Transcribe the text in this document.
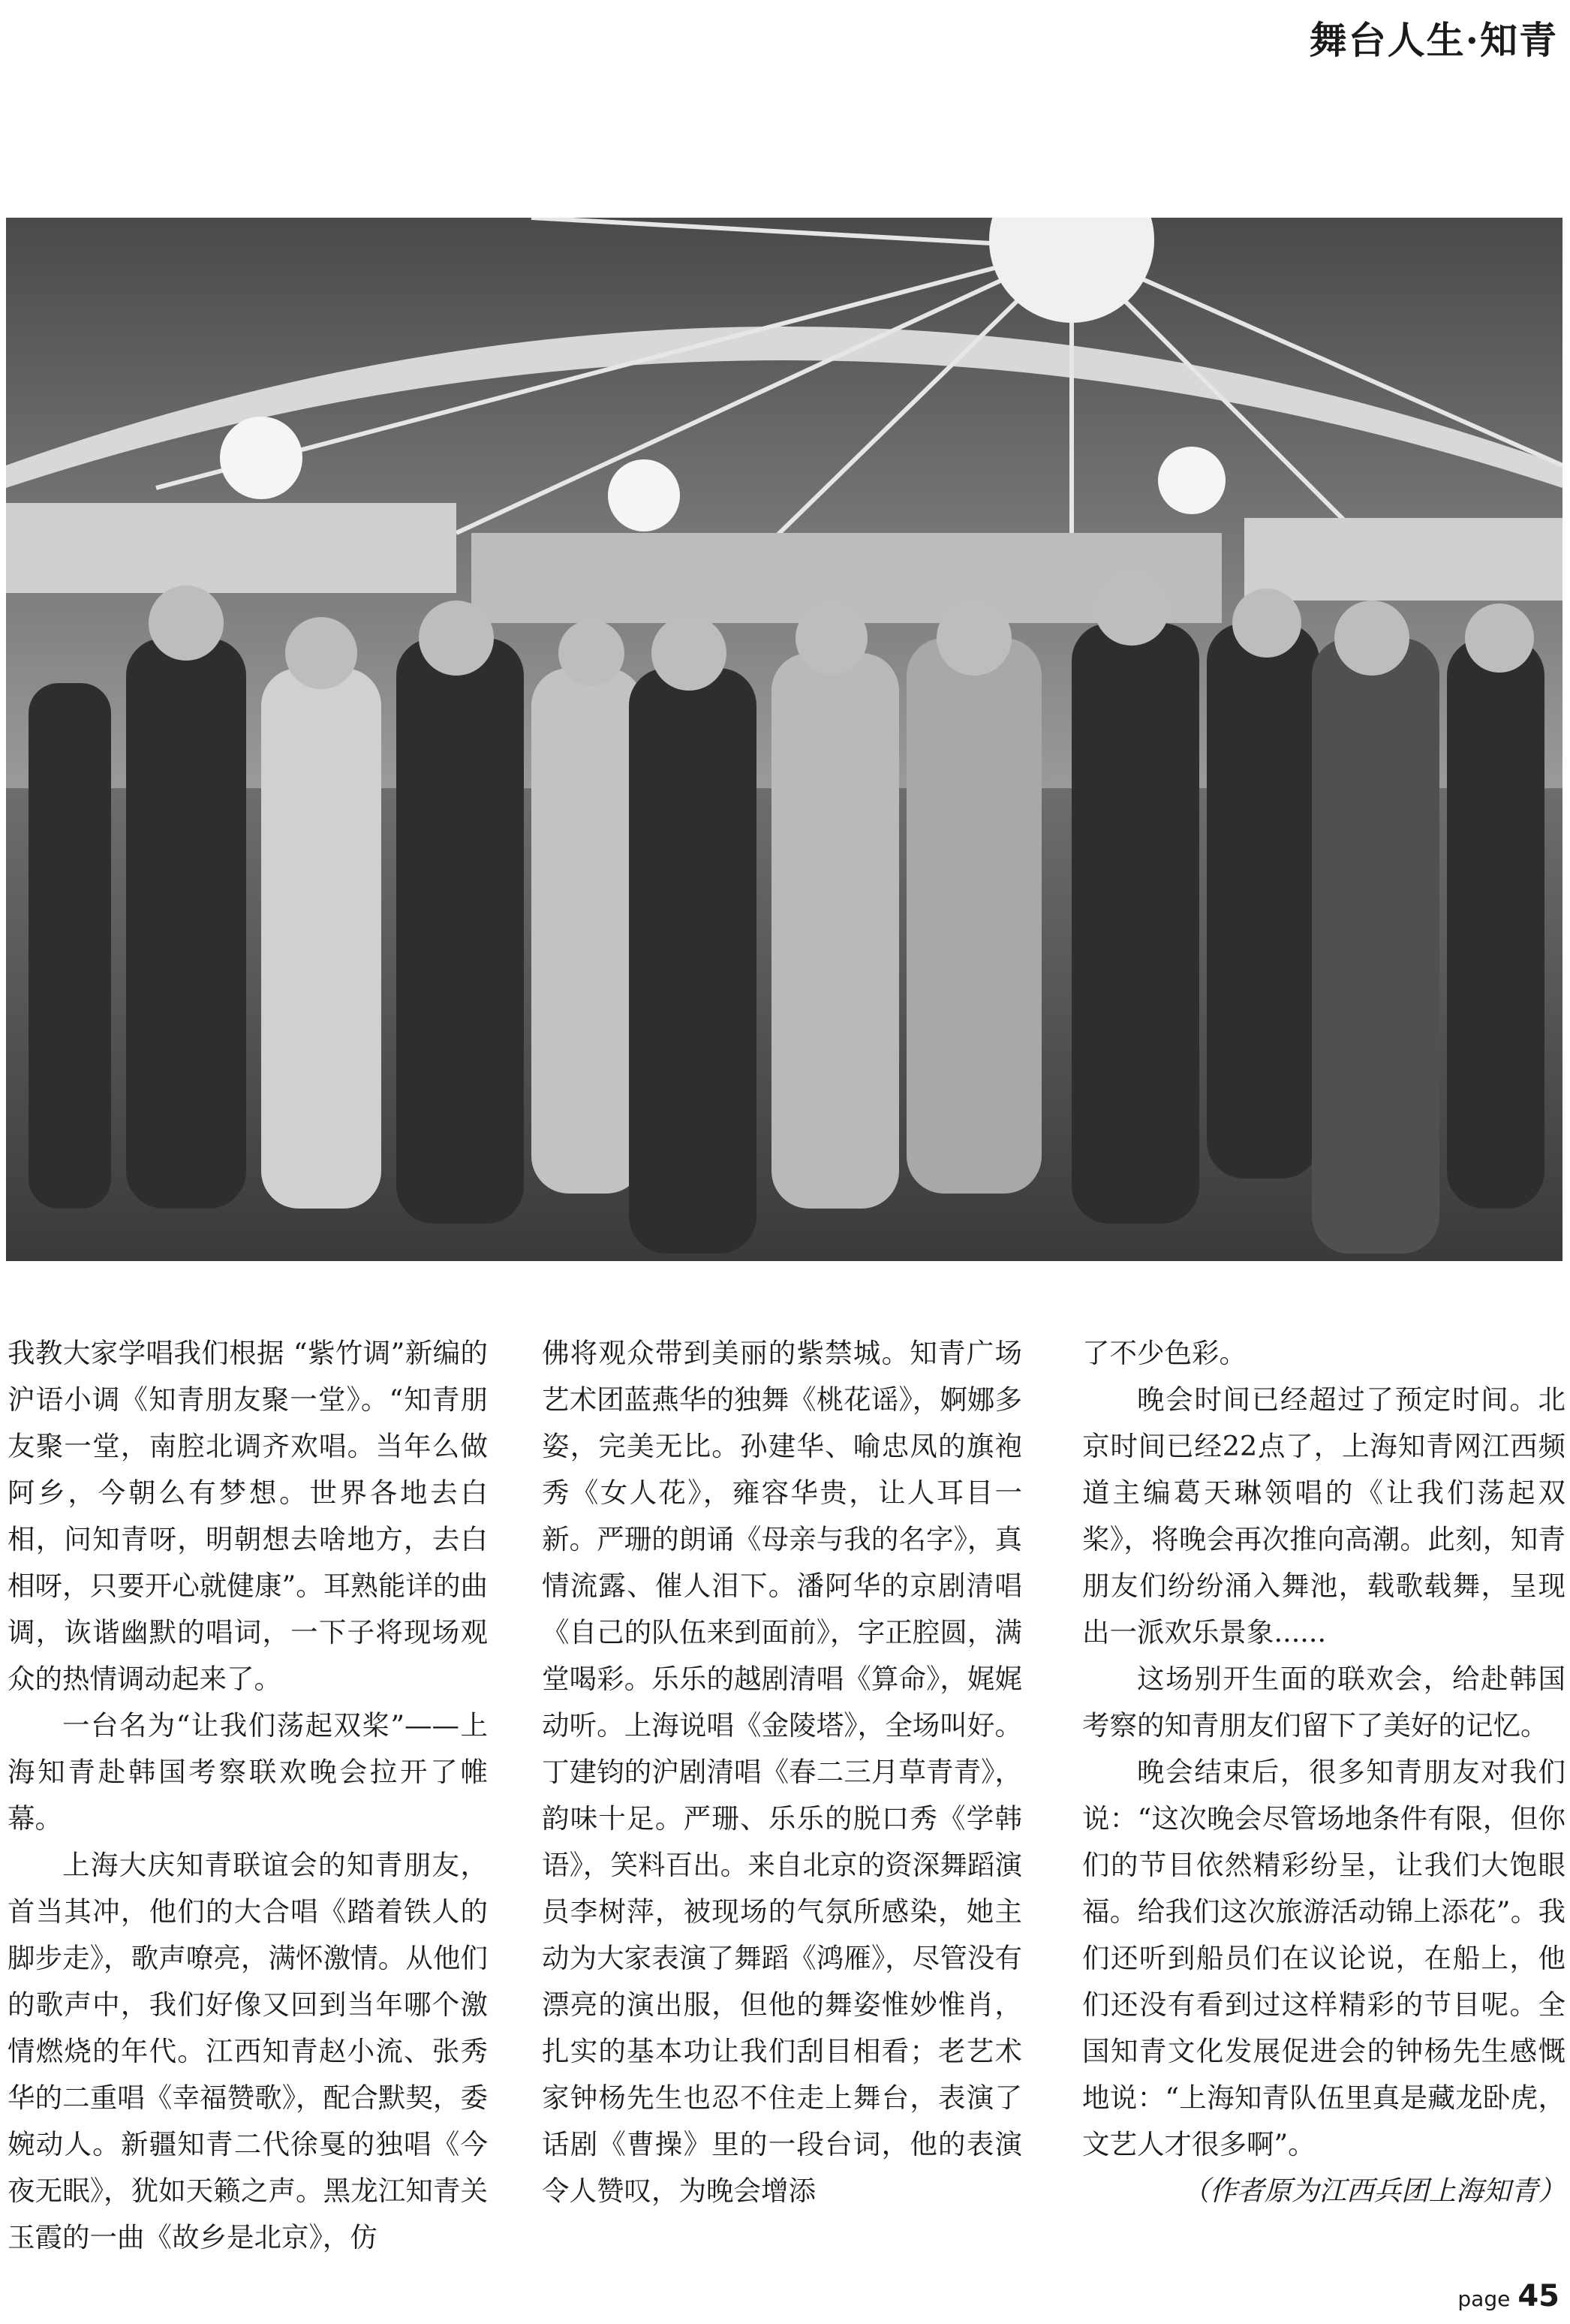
舞台人生·知青

我教大家学唱我们根据 “紫竹调”新编的沪语小调《知青朋友聚一堂》。“知青朋友聚一堂，南腔北调齐欢唱。当年么做阿乡，今朝么有梦想。世界各地去白相，问知青呀，明朝想去啥地方，去白相呀，只要开心就健康”。耳熟能详的曲调，诙谐幽默的唱词，一下子将现场观众的热情调动起来了。

一台名为“让我们荡起双桨”——上海知青赴韩国考察联欢晚会拉开了帷幕。

上海大庆知青联谊会的知青朋友，首当其冲，他们的大合唱《踏着铁人的脚步走》，歌声嘹亮，满怀激情。从他们的歌声中，我们好像又回到当年哪个激情燃烧的年代。江西知青赵小流、张秀华的二重唱《幸福赞歌》，配合默契，委婉动人。新疆知青二代徐戛的独唱《今夜无眠》，犹如天籁之声。黑龙江知青关玉霞的一曲《故乡是北京》，仿

佛将观众带到美丽的紫禁城。知青广场艺术团蓝燕华的独舞《桃花谣》，婀娜多姿，完美无比。孙建华、喻忠凤的旗袍秀《女人花》，雍容华贵，让人耳目一新。严珊的朗诵《母亲与我的名字》，真情流露、催人泪下。潘阿华的京剧清唱《自己的队伍来到面前》，字正腔圆，满堂喝彩。乐乐的越剧清唱《算命》，娓娓动听。上海说唱《金陵塔》，全场叫好。丁建钧的沪剧清唱《春二三月草青青》，韵味十足。严珊、乐乐的脱口秀《学韩语》，笑料百出。来自北京的资深舞蹈演员李树萍，被现场的气氛所感染，她主动为大家表演了舞蹈《鸿雁》，尽管没有漂亮的演出服，但他的舞姿惟妙惟肖，扎实的基本功让我们刮目相看；老艺术家钟杨先生也忍不住走上舞台，表演了话剧《曹操》里的一段台词，他的表演令人赞叹，为晚会增添

了不少色彩。

晚会时间已经超过了预定时间。北京时间已经22点了，上海知青网江西频道主编葛天琳领唱的《让我们荡起双桨》，将晚会再次推向高潮。此刻，知青朋友们纷纷涌入舞池，载歌载舞，呈现出一派欢乐景象......

这场别开生面的联欢会，给赴韩国考察的知青朋友们留下了美好的记忆。

晚会结束后，很多知青朋友对我们说：“这次晚会尽管场地条件有限，但你们的节目依然精彩纷呈，让我们大饱眼福。给我们这次旅游活动锦上添花”。我们还听到船员们在议论说，在船上，他们还没有看到过这样精彩的节目呢。全国知青文化发展促进会的钟杨先生感慨地说：“上海知青队伍里真是藏龙卧虎，文艺人才很多啊”。

（作者原为江西兵团上海知青）

page 45
